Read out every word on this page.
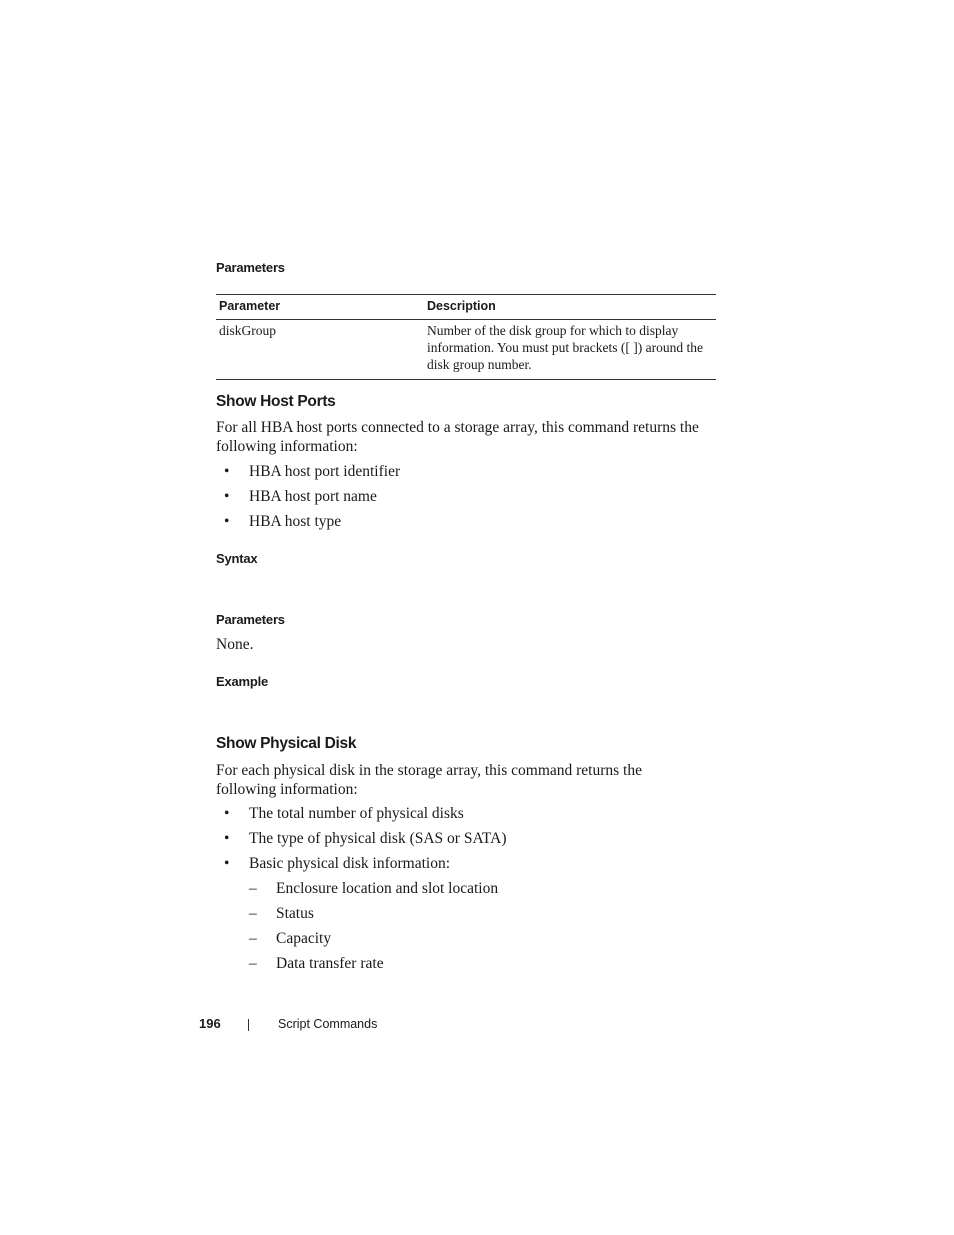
Parameters
Parameter	Description
diskGroup	Number of the disk group for which to display information. You must put brackets ([ ]) around the disk group number.
Show Host Ports
For all HBA host ports connected to a storage array, this command returns the following information:
• HBA host port identifier
• HBA host port name
• HBA host type
Syntax
Parameters
None.
Example
Show Physical Disk
For each physical disk in the storage array, this command returns the following information:
• The total number of physical disks
• The type of physical disk (SAS or SATA)
• Basic physical disk information:
– Enclosure location and slot location
– Status
– Capacity
– Data transfer rate
196	Script Commands
